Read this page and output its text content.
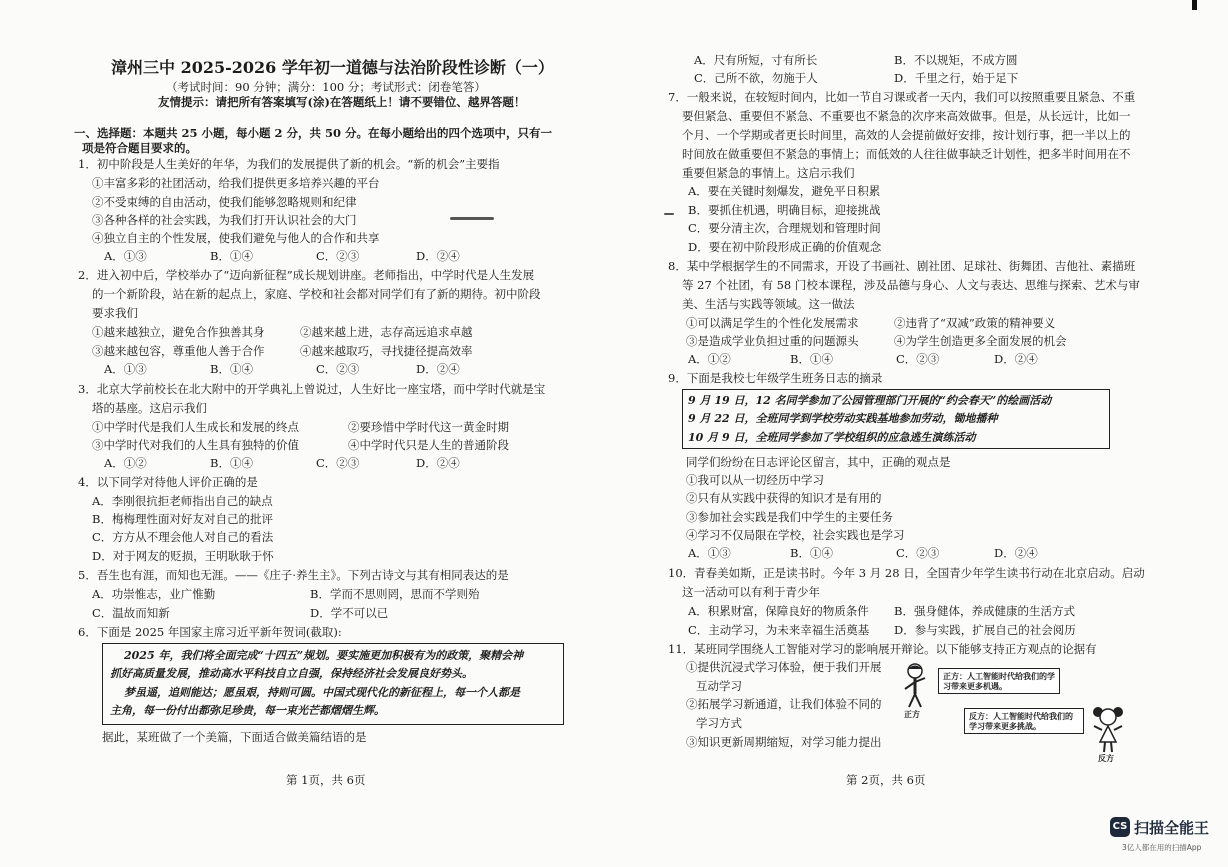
漳州三中 2025-2026 学年初一道德与法治阶段性诊断（一）
（考试时间：90 分钟；满分：100 分；考试形式：闭卷笔答）
友情提示：请把所有答案填写(涂)在答题纸上！请不要错位、越界答题！
一、选择题：本题共 25 小题，每小题 2 分，共 50 分。在每小题给出的四个选项中，只有一
项是符合题目要求的。
1．初中阶段是人生美好的年华，为我们的发展提供了新的机会。“新的机会”主要指
①丰富多彩的社团活动，给我们提供更多培养兴趣的平台
②不受束缚的自由活动，使我们能够忽略规则和纪律
③各种各样的社会实践，为我们打开认识社会的大门
④独立自主的个性发展，使我们避免与他人的合作和共享
A．①③	B．①④	C．②③	D．②④
2．进入初中后，学校举办了“迈向新征程”成长规划讲座。老师指出，中学时代是人生发展
的一个新阶段，站在新的起点上，家庭、学校和社会都对同学们有了新的期待。初中阶段
要求我们
①越来越独立，避免合作独善其身	②越来越上进，志存高远追求卓越
③越来越包容，尊重他人善于合作	④越来越取巧，寻找捷径提高效率
A．①③	B．①④	C．②③	D．②④
3．北京大学前校长在北大附中的开学典礼上曾说过，人生好比一座宝塔，而中学时代就是宝
塔的基座。这启示我们
①中学时代是我们人生成长和发展的终点	②要珍惜中学时代这一黄金时期
③中学时代对我们的人生具有独特的价值	④中学时代只是人生的普通阶段
A．①②	B．①④	C．②③	D．②④
4．以下同学对待他人评价正确的是
A．李刚很抗拒老师指出自己的缺点
B．梅梅理性面对好友对自己的批评
C．方方从不理会他人对自己的看法
D．对于网友的贬损，王明耿耿于怀
5．吾生也有涯，而知也无涯。——《庄子·养生主》。下列古诗文与其有相同表达的是
A．功崇惟志，业广惟勤	B．学而不思则罔，思而不学则殆
C．温故而知新	D．学不可以已
6．下面是 2025 年国家主席习近平新年贺词(截取):
2025 年，我们将全面完成“十四五”规划。要实施更加积极有为的政策，聚精会神
抓好高质量发展，推动高水平科技自立自强，保持经济社会发展良好势头。
梦虽遥，追则能达；愿虽艰，持则可圆。中国式现代化的新征程上，每一个人都是
主角，每一份付出都弥足珍贵，每一束光芒都熠熠生辉。
据此，某班做了一个美篇，下面适合做美篇结语的是
第 1页，共 6页
A．尺有所短，寸有所长	B．不以规矩，不成方圆
C．己所不欲，勿施于人	D．千里之行，始于足下
7．一般来说，在较短时间内，比如一节自习课或者一天内，我们可以按照重要且紧急、不重
要但紧急、重要但不紧急、不重要也不紧急的次序来高效做事。但是，从长远计，比如一
个月、一个学期或者更长时间里，高效的人会提前做好安排，按计划行事，把一半以上的
时间放在做重要但不紧急的事情上；而低效的人往往做事缺乏计划性，把多半时间用在不
重要但紧急的事情上。这启示我们
A．要在关键时刻爆发，避免平日积累
B．要抓住机遇，明确目标，迎接挑战
C．要分清主次，合理规划和管理时间
D．要在初中阶段形成正确的价值观念
8．某中学根据学生的不同需求，开设了书画社、剧社团、足球社、街舞团、吉他社、素描班
等 27 个社团，有 58 门校本课程，涉及品德与身心、人文与表达、思维与探索、艺术与审
美、生活与实践等领域。这一做法
①可以满足学生的个性化发展需求	②违背了“双减”政策的精神要义
③是造成学业负担过重的问题源头	④为学生创造更多全面发展的机会
A．①②	B．①④	C．②③	D．②④
9．下面是我校七年级学生班务日志的摘录
9 月 19 日，12 名同学参加了公园管理部门开展的“约会春天”的绘画活动
9 月 22 日，全班同学到学校劳动实践基地参加劳动，锄地播种
10 月 9 日，全班同学参加了学校组织的应急逃生演练活动
同学们纷纷在日志评论区留言，其中，正确的观点是
①我可以从一切经历中学习
②只有从实践中获得的知识才是有用的
③参加社会实践是我们中学生的主要任务
④学习不仅局限在学校，社会实践也是学习
A．①③	B．①④	C．②③	D．②④
10．青春美如斯，正是读书时。今年 3 月 28 日，全国青少年学生读书行动在北京启动。启动
这一活动可以有利于青少年
A．积累财富，保障良好的物质条件 B．强身健体，养成健康的生活方式
C．主动学习，为未来幸福生活奠基 D．参与实践，扩展自己的社会阅历
11．某班同学围绕人工智能对学习的影响展开辩论。以下能够支持正方观点的论据有
①提供沉浸式学习体验，便于我们开展
互动学习
②拓展学习新通道，让我们体验不同的
学习方式
③知识更新周期缩短，对学习能力提出
正方
正方：人工智能时代给我们的学习带来更多机遇。
反方：人工智能时代给我们的学习带来更多挑战。
反方
第 2页，共 6页
CS 扫描全能王
3亿人都在用的扫描App
